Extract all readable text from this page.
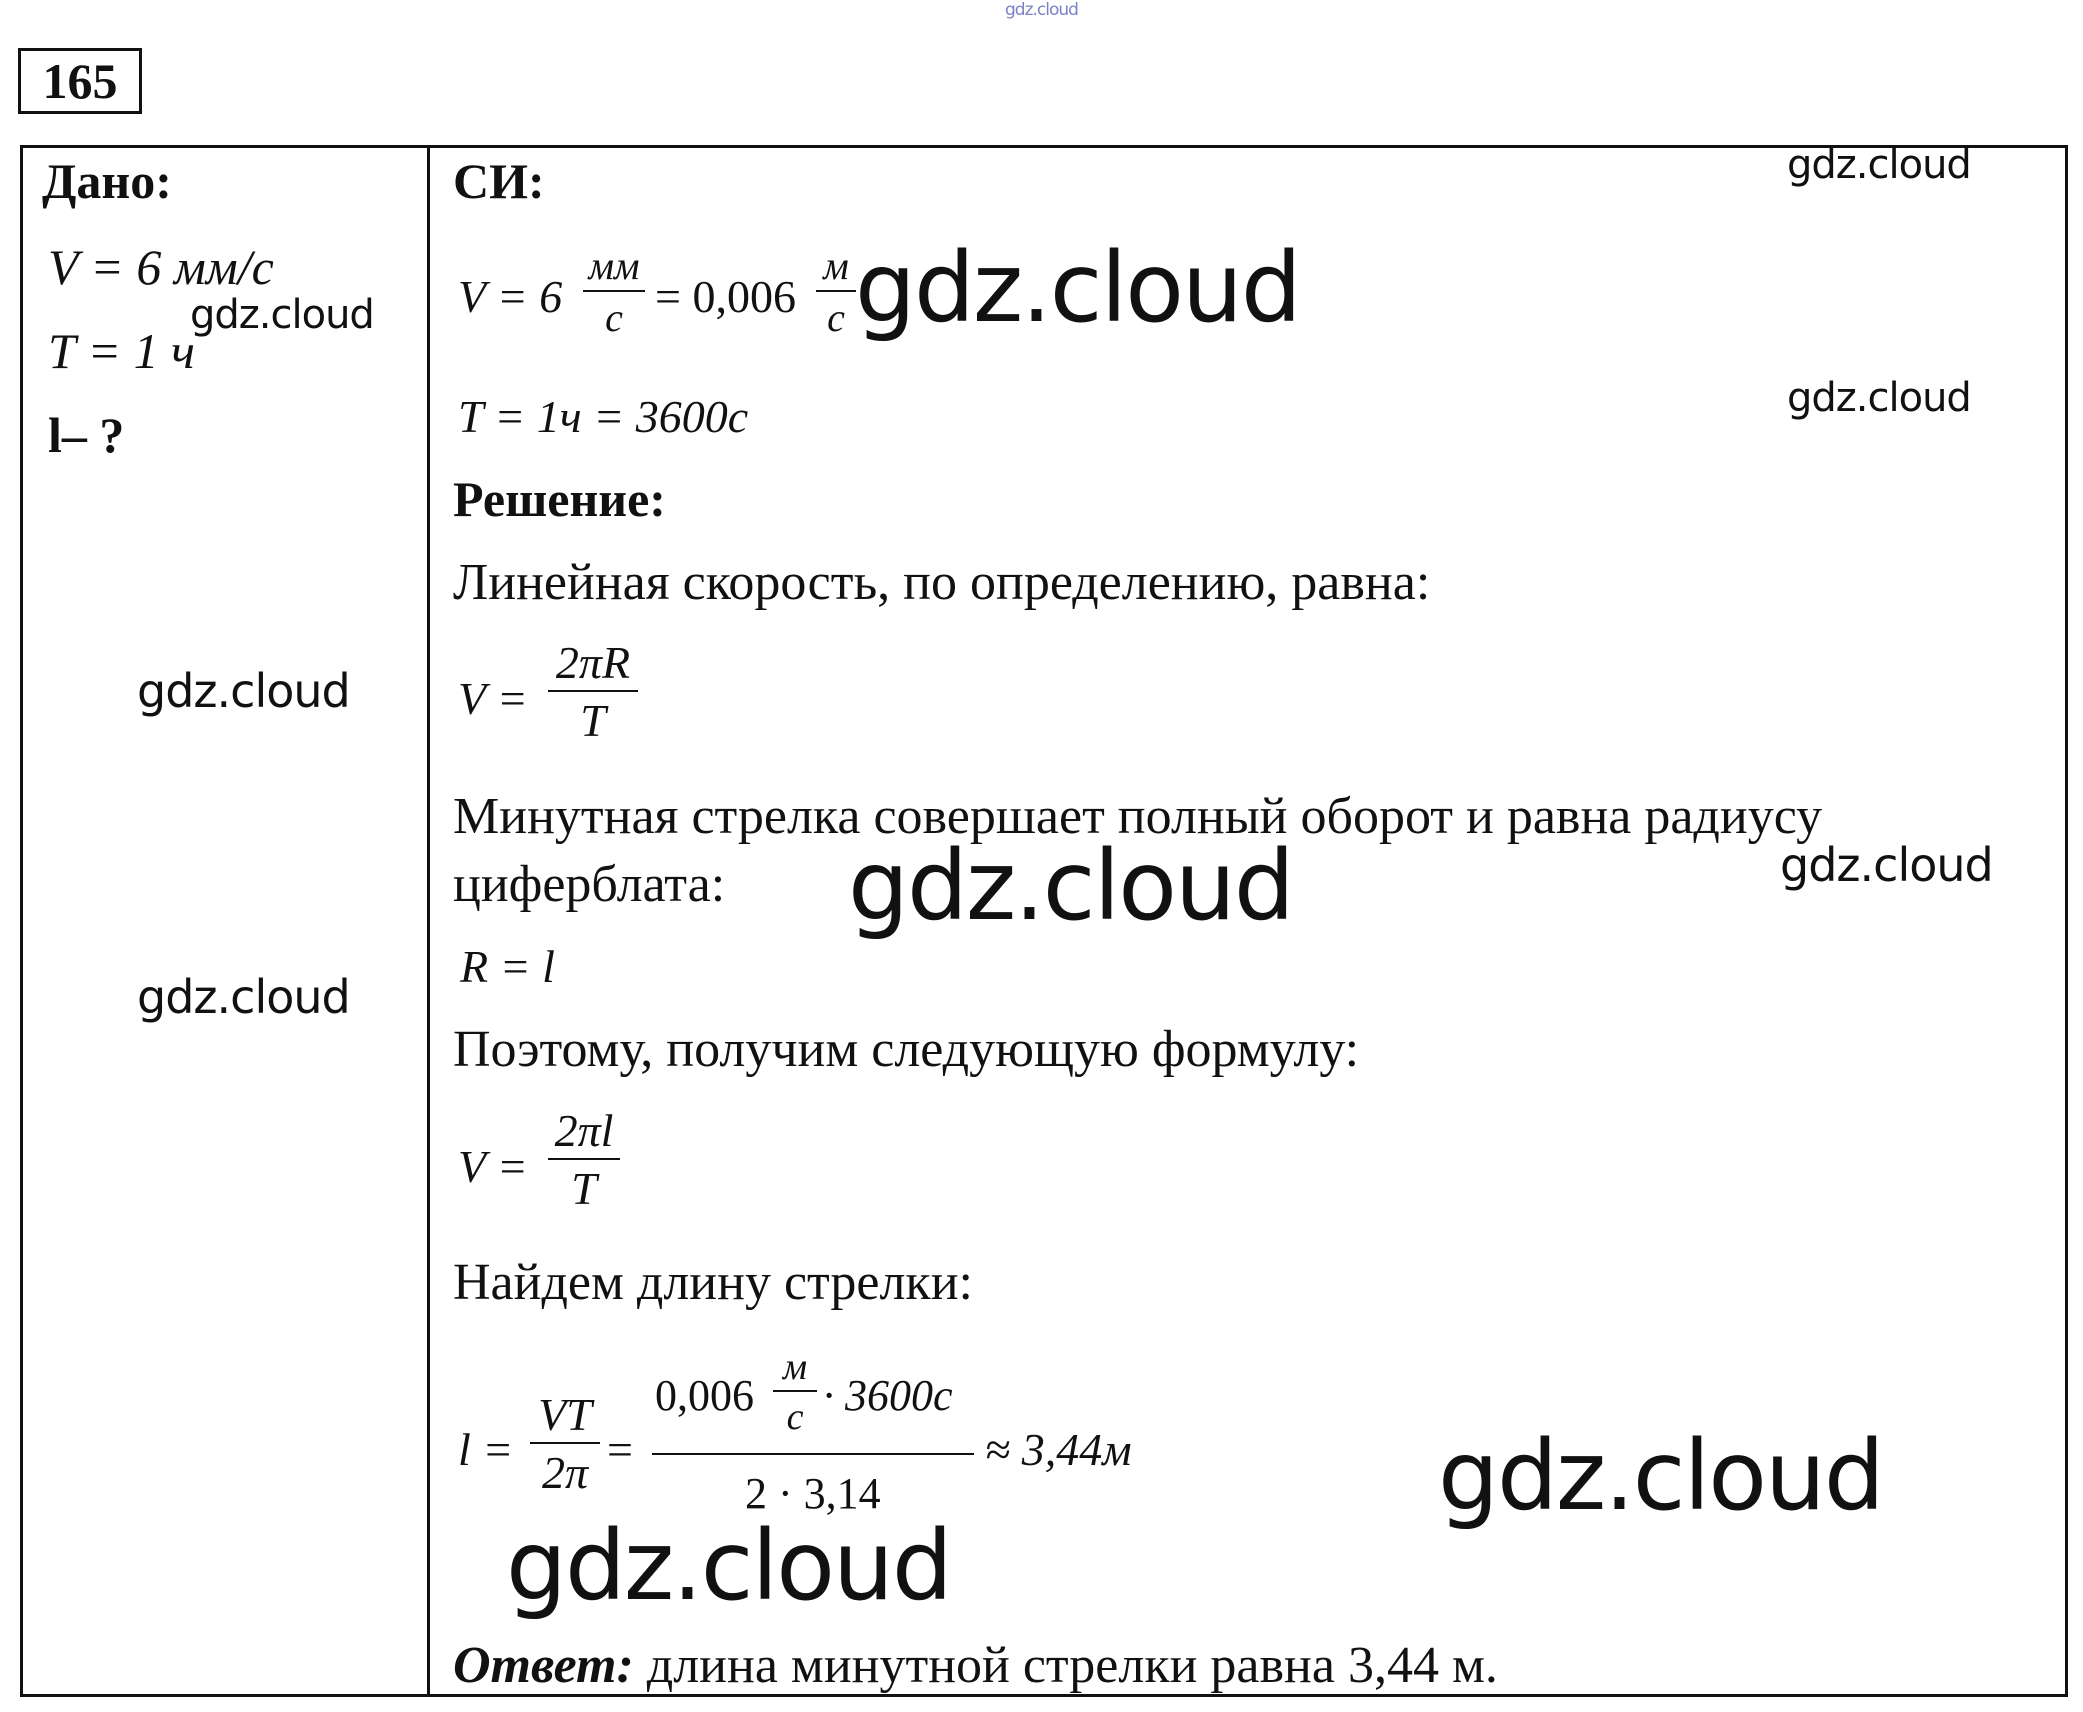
gdz.cloud
165
Дано:
V = 6 мм/с
T = 1 ч
l– ?
gdz.cloud
gdz.cloud
gdz.cloud
СИ:	gdz.cloud
V = 6
мм
с = 0,006
м
с gdz.cloud
T = 1ч = 3600с	gdz.cloud
Решение:
Линейная скорость, по определению, равна:
V =
2πR
T
Минутная стрелка совершает полный оборот и равна радиусу
циферблата: gdz.cloud	gdz.cloud
R = l
Поэтому, получим следующую формулу:
V =
2πl
T
Найдем длину стрелки:
l =
VT
2π =
0,006
м
с · 3600с
2 · 3,14
≈ 3,44м	gdz.cloud
gdz.cloud
Ответ: длина минутной стрелки равна 3,44 м.
